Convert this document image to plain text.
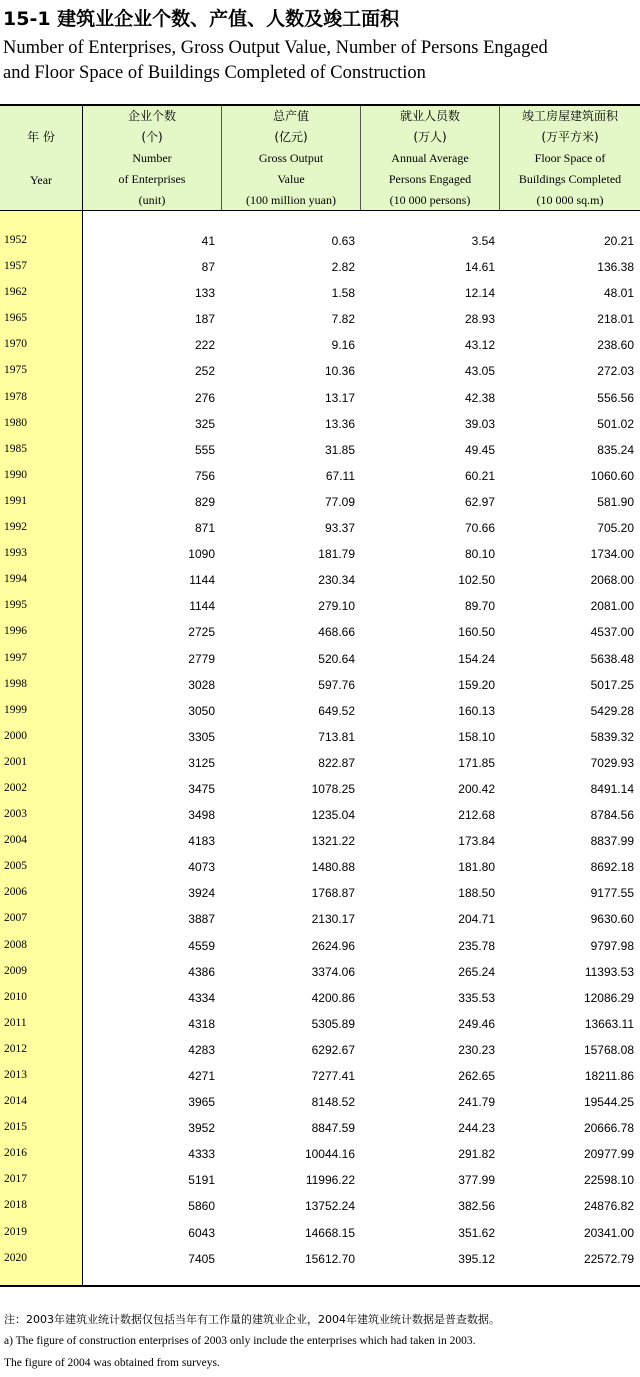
15-1 建筑业企业个数、产值、人数及竣工面积
Number of Enterprises, Gross Output Value, Number of Persons Engaged
and Floor Space of Buildings Completed of Construction
年 份
Year
企业个数
(个)
Number
of Enterprises
(unit)
总产值
(亿元)
Gross Output
Value
(100 million yuan)
就业人员数
(万人)
Annual Average
Persons Engaged
(10 000 persons)
竣工房屋建筑面积
(万平方米)
Floor Space of
Buildings Completed
(10 000 sq.m)
1952	41	0.63	3.54	20.21
1957	87	2.82	14.61	136.38
1962	133	1.58	12.14	48.01
1965	187	7.82	28.93	218.01
1970	222	9.16	43.12	238.60
1975	252	10.36	43.05	272.03
1978	276	13.17	42.38	556.56
1980	325	13.36	39.03	501.02
1985	555	31.85	49.45	835.24
1990	756	67.11	60.21	1060.60
1991	829	77.09	62.97	581.90
1992	871	93.37	70.66	705.20
1993	1090	181.79	80.10	1734.00
1994	1144	230.34	102.50	2068.00
1995	1144	279.10	89.70	2081.00
1996	2725	468.66	160.50	4537.00
1997	2779	520.64	154.24	5638.48
1998	3028	597.76	159.20	5017.25
1999	3050	649.52	160.13	5429.28
2000	3305	713.81	158.10	5839.32
2001	3125	822.87	171.85	7029.93
2002	3475	1078.25	200.42	8491.14
2003	3498	1235.04	212.68	8784.56
2004	4183	1321.22	173.84	8837.99
2005	4073	1480.88	181.80	8692.18
2006	3924	1768.87	188.50	9177.55
2007	3887	2130.17	204.71	9630.60
2008	4559	2624.96	235.78	9797.98
2009	4386	3374.06	265.24	11393.53
2010	4334	4200.86	335.53	12086.29
2011	4318	5305.89	249.46	13663.11
2012	4283	6292.67	230.23	15768.08
2013	4271	7277.41	262.65	18211.86
2014	3965	8148.52	241.79	19544.25
2015	3952	8847.59	244.23	20666.78
2016	4333	10044.16	291.82	20977.99
2017	5191	11996.22	377.99	22598.10
2018	5860	13752.24	382.56	24876.82
2019	6043	14668.15	351.62	20341.00
2020	7405	15612.70	395.12	22572.79
注：2003年建筑业统计数据仅包括当年有工作量的建筑业企业，2004年建筑业统计数据是普查数据。
a) The figure of construction enterprises of 2003 only include the enterprises which had taken in 2003.
The figure of 2004 was obtained from surveys.
